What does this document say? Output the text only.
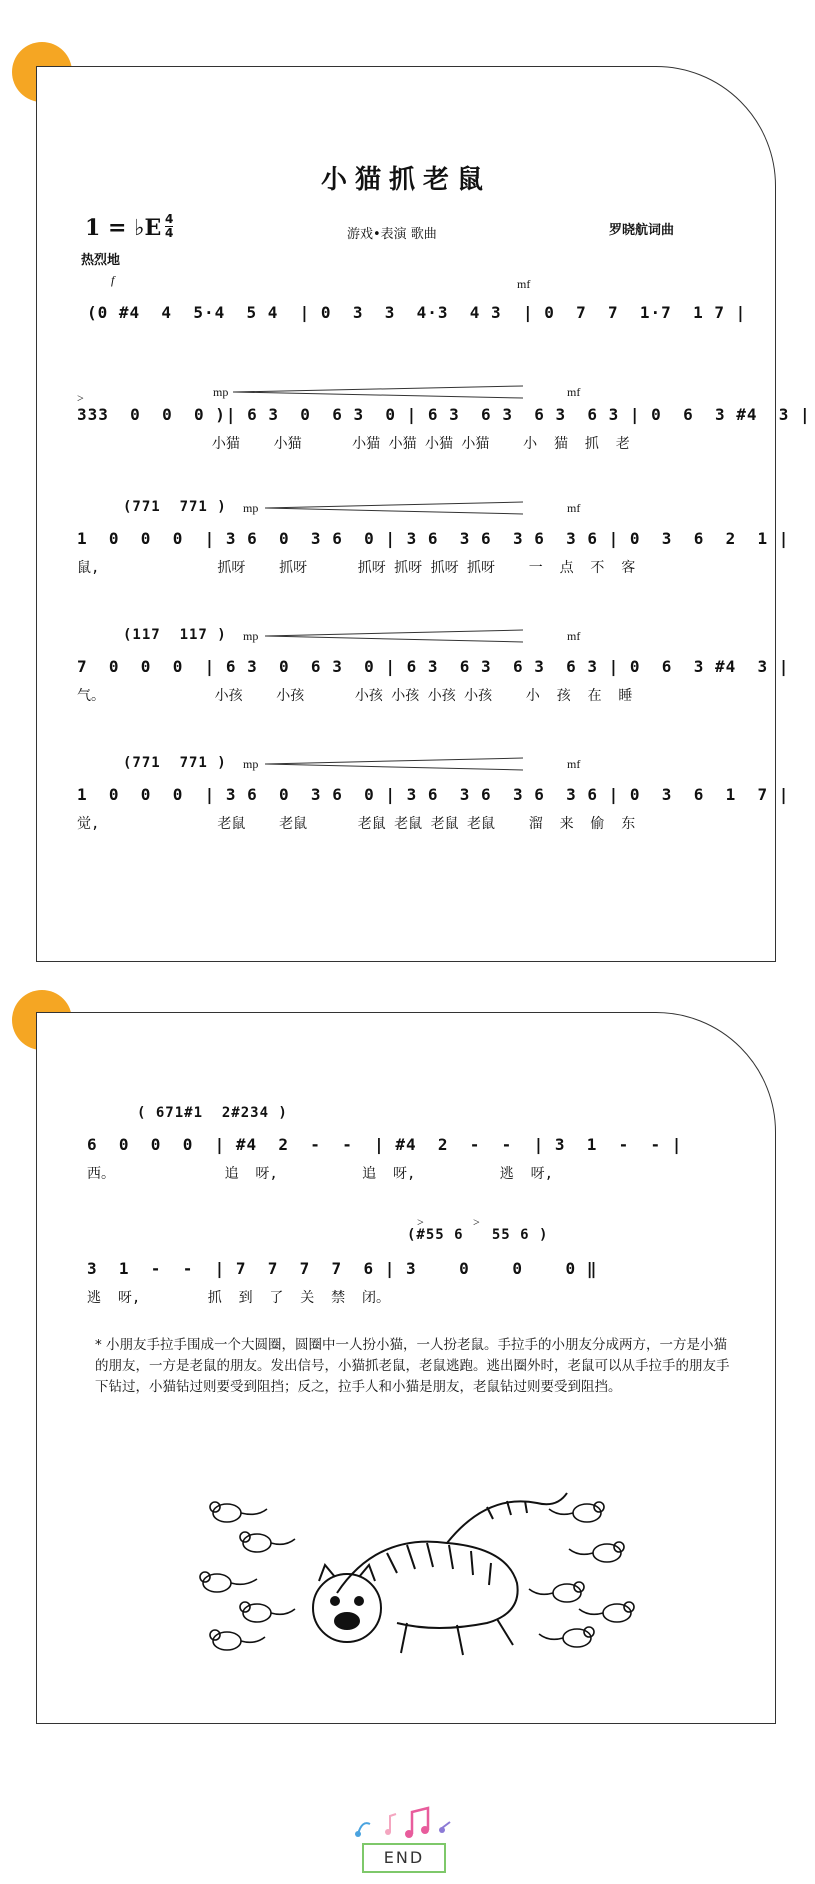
小猫抓老鼠
1 = ♭E 4
4
热烈地
游戏•表演 歌曲	罗晓航词曲
f	mf
(0 #4  4  5·4  5 4  | 0  3  3  4·3  4 3  | 0  7  7  1·7  1 7 |
>	mp	mf
333  0  0  0 )| 6 3  0  6 3  0 | 6 3  6 3  6 3  6 3 | 0  6  3 #4  3 |
小猫    小猫      小猫 小猫 小猫 小猫    小  猫  抓  老
(771  771 )	mp	mf
1  0  0  0  | 3 6  0  3 6  0 | 3 6  3 6  3 6  3 6 | 0  3  6  2  1 |
鼠,              抓呀    抓呀      抓呀 抓呀 抓呀 抓呀    一  点  不  客
(117  117 )	mp	mf
7  0  0  0  | 6 3  0  6 3  0 | 6 3  6 3  6 3  6 3 | 0  6  3 #4  3 |
气。             小孩    小孩      小孩 小孩 小孩 小孩    小  孩  在  睡
(771  771 )	mp	mf
1  0  0  0  | 3 6  0  3 6  0 | 3 6  3 6  3 6  3 6 | 0  3  6  1  7 |
觉,              老鼠    老鼠      老鼠 老鼠 老鼠 老鼠    溜  来  偷  东
( 671#1  2#234 )
6  0  0  0  | #4  2  -  -  | #4  2  -  -  | 3  1  -  - |
西。             追  呀,          追  呀,          逃  呀,
>	>
(#55 6   55 6 )
3  1  -  -  | 7  7  7  7  6 | 3    0    0    0 ‖
逃  呀,        抓  到  了  关  禁  闭。
* 小朋友手拉手围成一个大圆圈，圆圈中一人扮小猫，一人扮老鼠。手拉手的小朋友分成两方，一方是小猫的朋友，一方是老鼠的朋友。发出信号，小猫抓老鼠，老鼠逃跑。逃出圈外时，老鼠可以从手拉手的朋友手下钻过，小猫钻过则要受到阻挡；反之，拉手人和小猫是朋友，老鼠钻过则要受到阻挡。
END
